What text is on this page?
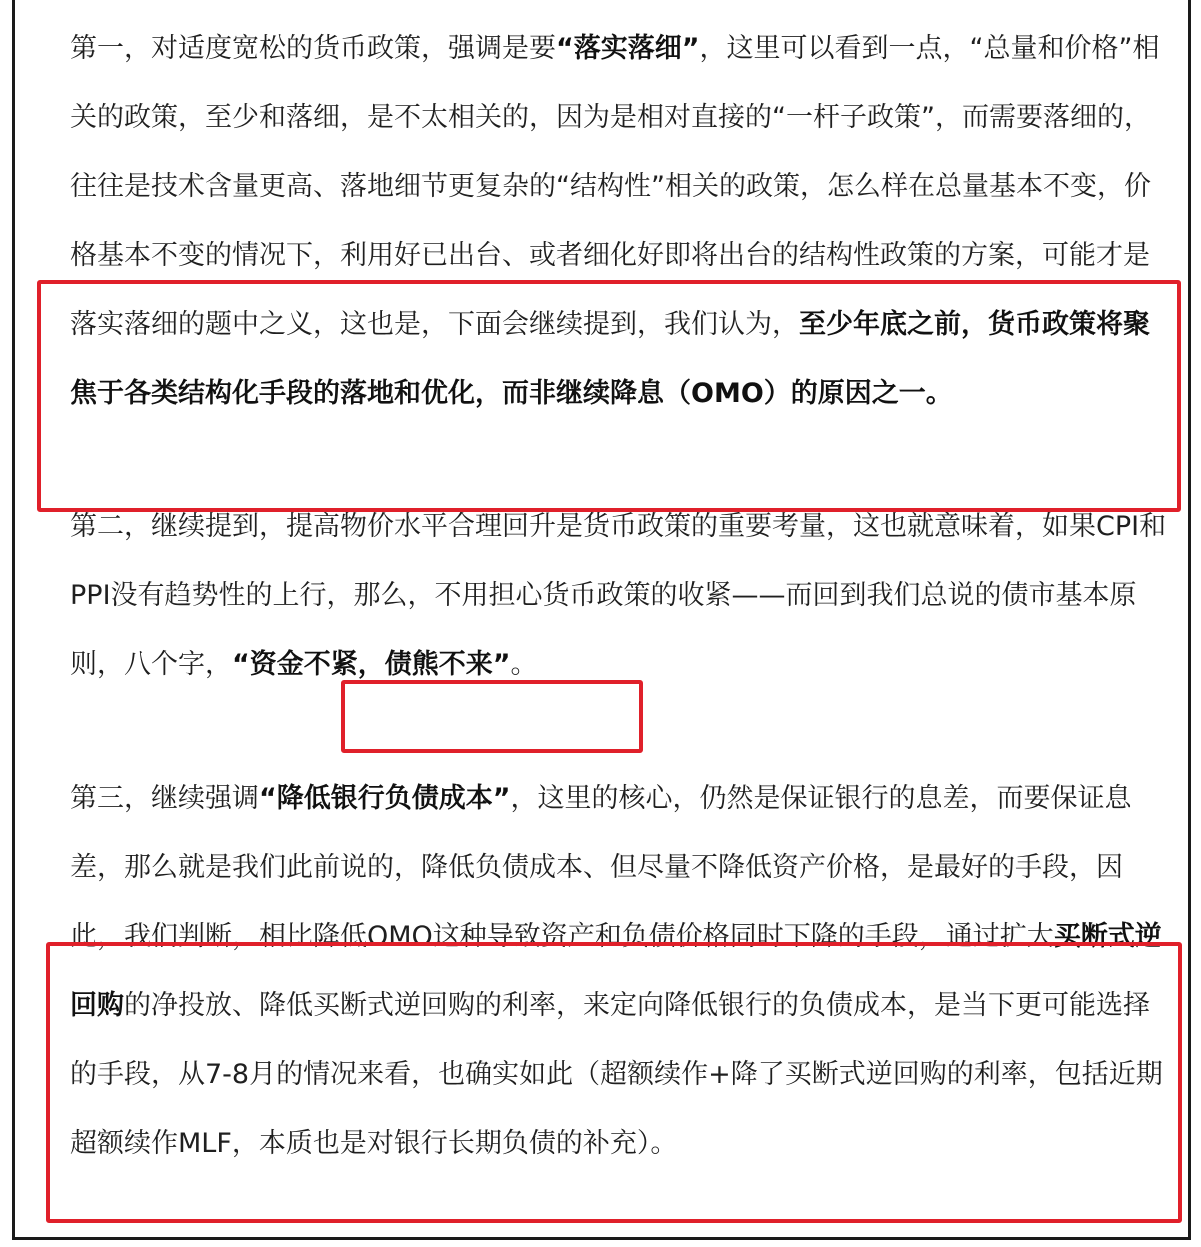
第一，对适度宽松的货币政策，强调是要“落实落细”，这里可以看到一点，“总量和价格”相关的政策，至少和落细，是不太相关的，因为是相对直接的“一杆子政策”，而需要落细的，往往是技术含量更高、落地细节更复杂的“结构性”相关的政策，怎么样在总量基本不变，价格基本不变的情况下，利用好已出台、或者细化好即将出台的结构性政策的方案，可能才是落实落细的题中之义，这也是，下面会继续提到，我们认为，至少年底之前，货币政策将聚焦于各类结构化手段的落地和优化，而非继续降息（OMO）的原因之一。

第二，继续提到，提高物价水平合理回升是货币政策的重要考量，这也就意味着，如果CPI和PPI没有趋势性的上行，那么，不用担心货币政策的收紧——而回到我们总说的债市基本原则，八个字，“资金不紧，债熊不来”。

第三，继续强调“降低银行负债成本”，这里的核心，仍然是保证银行的息差，而要保证息差，那么就是我们此前说的，降低负债成本、但尽量不降低资产价格，是最好的手段，因此，我们判断，相比降低OMO这种导致资产和负债价格同时下降的手段，通过扩大买断式逆回购的净投放、降低买断式逆回购的利率，来定向降低银行的负债成本，是当下更可能选择的手段，从7-8月的情况来看，也确实如此（超额续作+降了买断式逆回购的利率，包括近期超额续作MLF，本质也是对银行长期负债的补充）。
